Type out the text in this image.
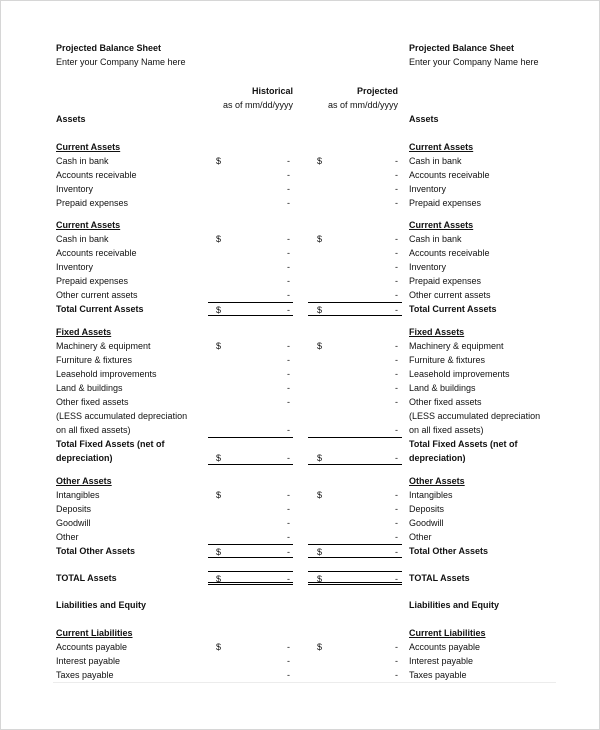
Projected Balance Sheet	Projected Balance Sheet
Enter your Company Name here	Enter your Company Name here
Historical	Projected
as of mm/dd/yyyy	as of mm/dd/yyyy
Assets	Assets
Current Assets	Current Assets
Cash in bank	$	-	$	- Cash in bank
Accounts receivable	-	- Accounts receivable
Inventory	-	- Inventory
Prepaid expenses	-	- Prepaid expenses
Current Assets	Current Assets
Cash in bank	$	-	$	- Cash in bank
Accounts receivable	-	- Accounts receivable
Inventory	-	- Inventory
Prepaid expenses	-	- Prepaid expenses
Other current assets	-	- Other current assets
Total Current Assets	$	-	$	- Total Current Assets
Fixed Assets	Fixed Assets
Machinery & equipment	$	-	$	- Machinery & equipment
Furniture & fixtures	-	- Furniture & fixtures
Leasehold improvements	-	- Leasehold improvements
Land & buildings	-	- Land & buildings
Other fixed assets	-	- Other fixed assets
(LESS accumulated depreciation	(LESS accumulated depreciation
on all fixed assets)	-	- on all fixed assets)
Total Fixed Assets (net of	Total Fixed Assets (net of
depreciation)	$	-	$	- depreciation)
Other Assets	Other Assets
Intangibles	$	-	$	- Intangibles
Deposits	-	- Deposits
Goodwill	-	- Goodwill
Other	-	- Other
Total Other Assets	$	-	$	- Total Other Assets
TOTAL Assets	$	-	$	- TOTAL Assets
Liabilities and Equity	Liabilities and Equity
Current Liabilities	Current Liabilities
Accounts payable	$	-	$	- Accounts payable
Interest payable	-	- Interest payable
Taxes payable	-	- Taxes payable
